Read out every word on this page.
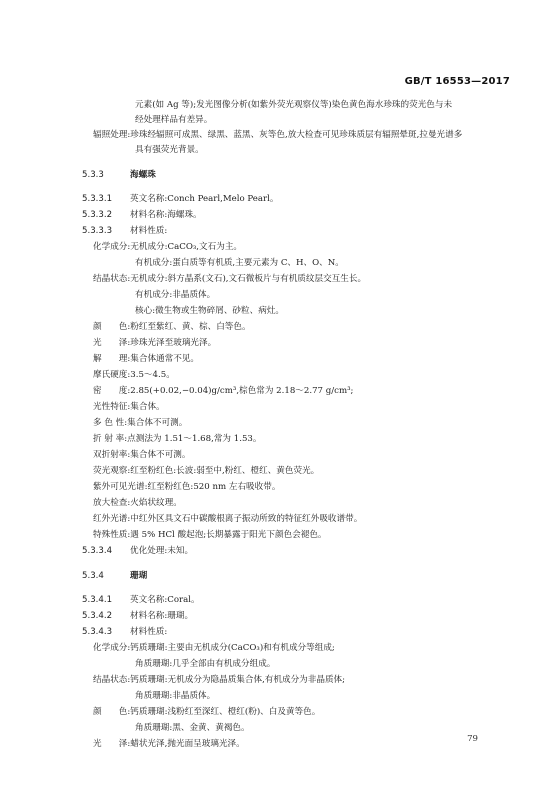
GB/T 16553—2017
元素(如 Ag 等);发光图像分析(如紫外荧光观察仪等)染色黄色海水珍珠的荧光色与未
经处理样品有差异。
辐照处理:珍珠经辐照可成黑、绿黑、蓝黑、灰等色,放大检查可见珍珠质层有辐照晕斑,拉曼光谱多
具有强荧光背景。
5.3.3	海螺珠
5.3.3.1 英文名称:Conch Pearl,Melo Pearl。
5.3.3.2 材料名称:海螺珠。
5.3.3.3 材料性质:
化学成分:无机成分:CaCO₃,文石为主。
有机成分:蛋白质等有机质,主要元素为 C、H、O、N。
结晶状态:无机成分:斜方晶系(文石),文石微板片与有机质纹层交互生长。
有机成分:非晶质体。
核心:微生物或生物碎屑、砂粒、病灶。
颜　　色:粉红至紫红、黄、棕、白等色。
光　　泽:珍珠光泽至玻璃光泽。
解　　理:集合体通常不见。
摩氏硬度:3.5～4.5。
密　　度:2.85(+0.02,−0.04)g/cm³,棕色常为 2.18～2.77 g/cm³;
光性特征:集合体。
多 色 性:集合体不可测。
折 射 率:点测法为 1.51～1.68,常为 1.53。
双折射率:集合体不可测。
荧光观察:红至粉红色:长波:弱至中,粉红、橙红、黄色荧光。
紫外可见光谱:红至粉红色:520 nm 左右吸收带。
放大检查:火焰状纹理。
红外光谱:中红外区具文石中碳酸根离子振动所致的特征红外吸收谱带。
特殊性质:遇 5% HCl 酸起泡;长期暴露于阳光下颜色会褪色。
5.3.3.4 优化处理:未知。
5.3.4	珊瑚
5.3.4.1 英文名称:Coral。
5.3.4.2 材料名称:珊瑚。
5.3.4.3 材料性质:
化学成分:钙质珊瑚:主要由无机成分(CaCO₃)和有机成分等组成;
角质珊瑚:几乎全部由有机成分组成。
结晶状态:钙质珊瑚:无机成分为隐晶质集合体,有机成分为非晶质体;
角质珊瑚:非晶质体。
颜　　色:钙质珊瑚:浅粉红至深红、橙红(粉)、白及黄等色。
角质珊瑚:黑、金黄、黄褐色。
光　　泽:蜡状光泽,抛光面呈玻璃光泽。	79
